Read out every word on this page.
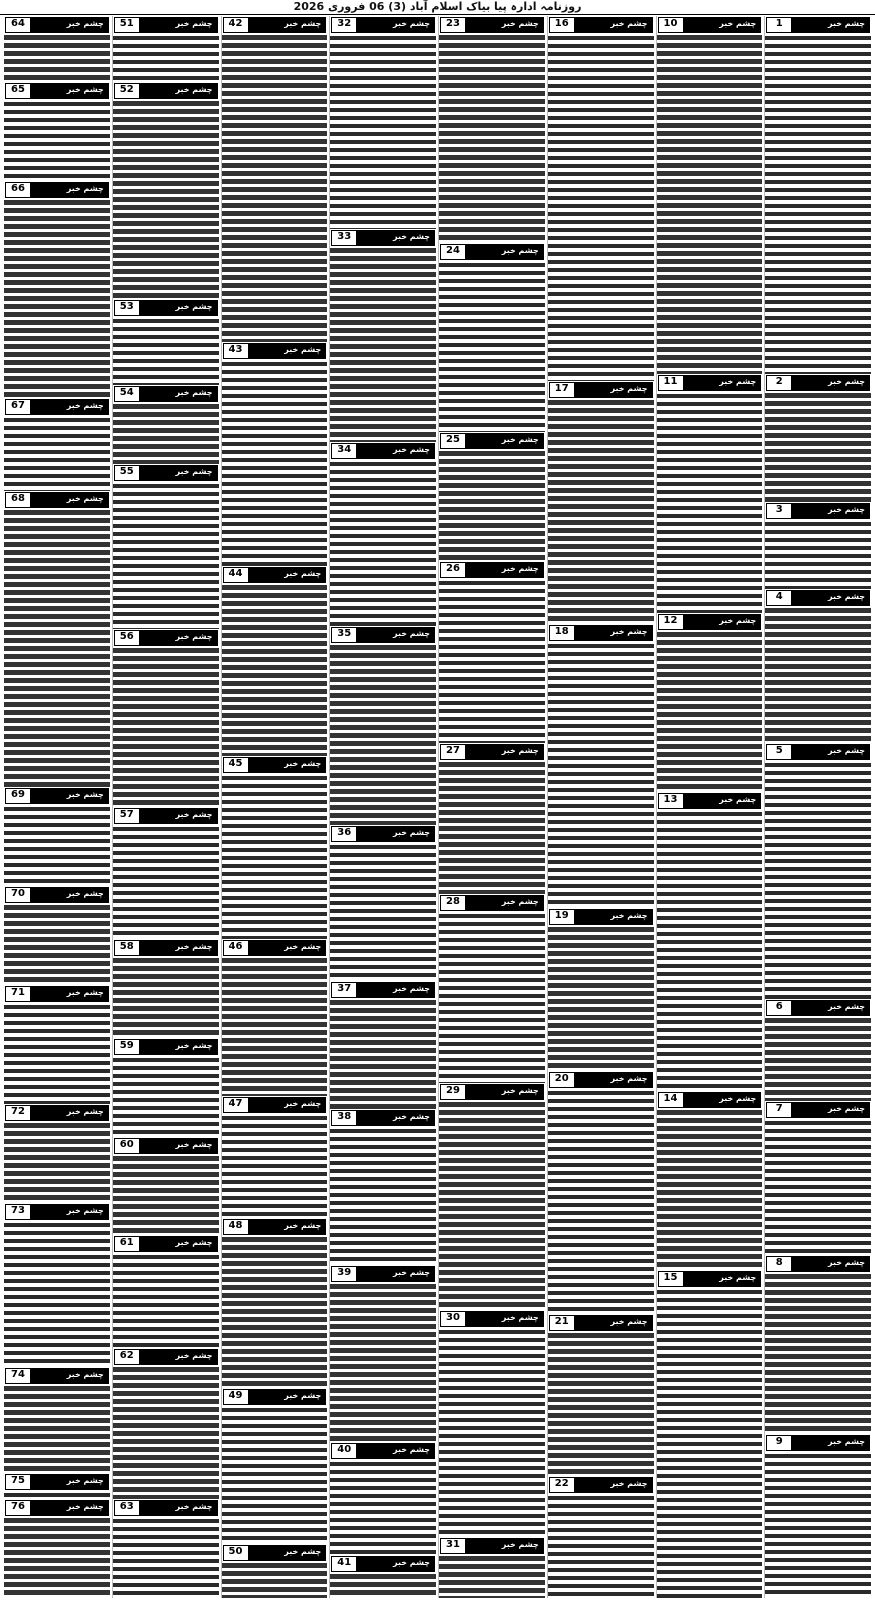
روزنامہ ادارہ پیا بیاک اسلام آباد (3) 06 فروری 2026
1	چشم خبر
2	چشم خبر
3	چشم خبر
4	چشم خبر
5	چشم خبر
6	چشم خبر
7	چشم خبر
8	چشم خبر
9	چشم خبر
10	چشم خبر
11	چشم خبر
12	چشم خبر
13	چشم خبر
14	چشم خبر
15	چشم خبر
16	چشم خبر
17	چشم خبر
18	چشم خبر
19	چشم خبر
20	چشم خبر
21	چشم خبر
22	چشم خبر
23	چشم خبر
24	چشم خبر
25	چشم خبر
26	چشم خبر
27	چشم خبر
28	چشم خبر
29	چشم خبر
30	چشم خبر
31	چشم خبر
32	چشم خبر
33	چشم خبر
34	چشم خبر
35	چشم خبر
36	چشم خبر
37	چشم خبر
38	چشم خبر
39	چشم خبر
40	چشم خبر
41	چشم خبر
42	چشم خبر
43	چشم خبر
44	چشم خبر
45	چشم خبر
46	چشم خبر
47	چشم خبر
48	چشم خبر
49	چشم خبر
50	چشم خبر
51	چشم خبر
52	چشم خبر
53	چشم خبر
54	چشم خبر
55	چشم خبر
56	چشم خبر
57	چشم خبر
58	چشم خبر
59	چشم خبر
60	چشم خبر
61	چشم خبر
62	چشم خبر
63	چشم خبر
64	چشم خبر
65	چشم خبر
66	چشم خبر
67	چشم خبر
68	چشم خبر
69	چشم خبر
70	چشم خبر
71	چشم خبر
72	چشم خبر
73	چشم خبر
74	چشم خبر
75	چشم خبر
76	چشم خبر
